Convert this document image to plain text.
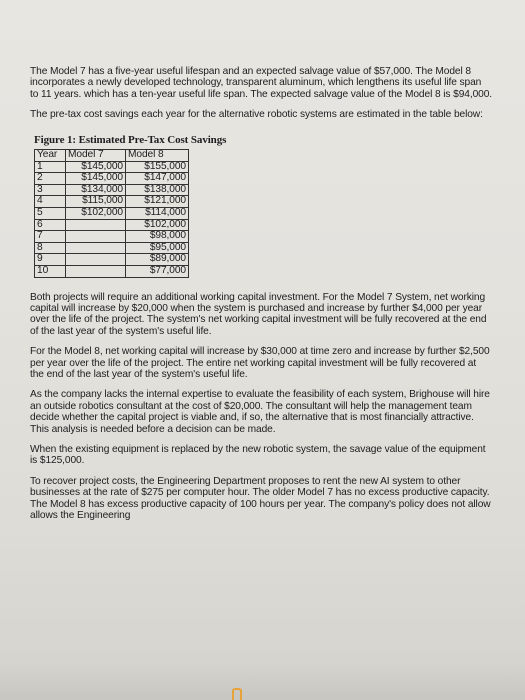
The Model 7 has a five-year useful lifespan and an expected salvage value of $57,000. The Model 8 incorporates a newly developed technology, transparent aluminum, which lengthens its useful life span to 11 years. which has a ten-year useful life span. The expected salvage value of the Model 8 is $94,000.

The pre-tax cost savings each year for the alternative robotic systems are estimated in the table below:

Figure 1: Estimated Pre-Tax Cost Savings
Year	Model 7	Model 8
1	$145,000	$155,000
2	$145,000	$147,000
3	$134,000	$138,000
4	$115,000	$121,000
5	$102,000	$114,000
6		$102,000
7		$98,000
8		$95,000
9		$89,000
10		$77,000

Both projects will require an additional working capital investment. For the Model 7 System, net working capital will increase by $20,000 when the system is purchased and increase by further $4,000 per year over the life of the project. The system's net working capital investment will be fully recovered at the end of the last year of the system's useful life.

For the Model 8, net working capital will increase by $30,000 at time zero and increase by further $2,500 per year over the life of the project. The entire net working capital investment will be fully recovered at the end of the last year of the system's useful life.

As the company lacks the internal expertise to evaluate the feasibility of each system, Brighouse will hire an outside robotics consultant at the cost of $20,000. The consultant will help the management team decide whether the capital project is viable and, if so, the alternative that is most financially attractive. This analysis is needed before a decision can be made.

When the existing equipment is replaced by the new robotic system, the savage value of the equipment is $125,000.

To recover project costs, the Engineering Department proposes to rent the new AI system to other businesses at the rate of $275 per computer hour. The older Model 7 has no excess productive capacity. The Model 8 has excess productive capacity of 100 hours per year. The company's policy does not allow allows the Engineering
